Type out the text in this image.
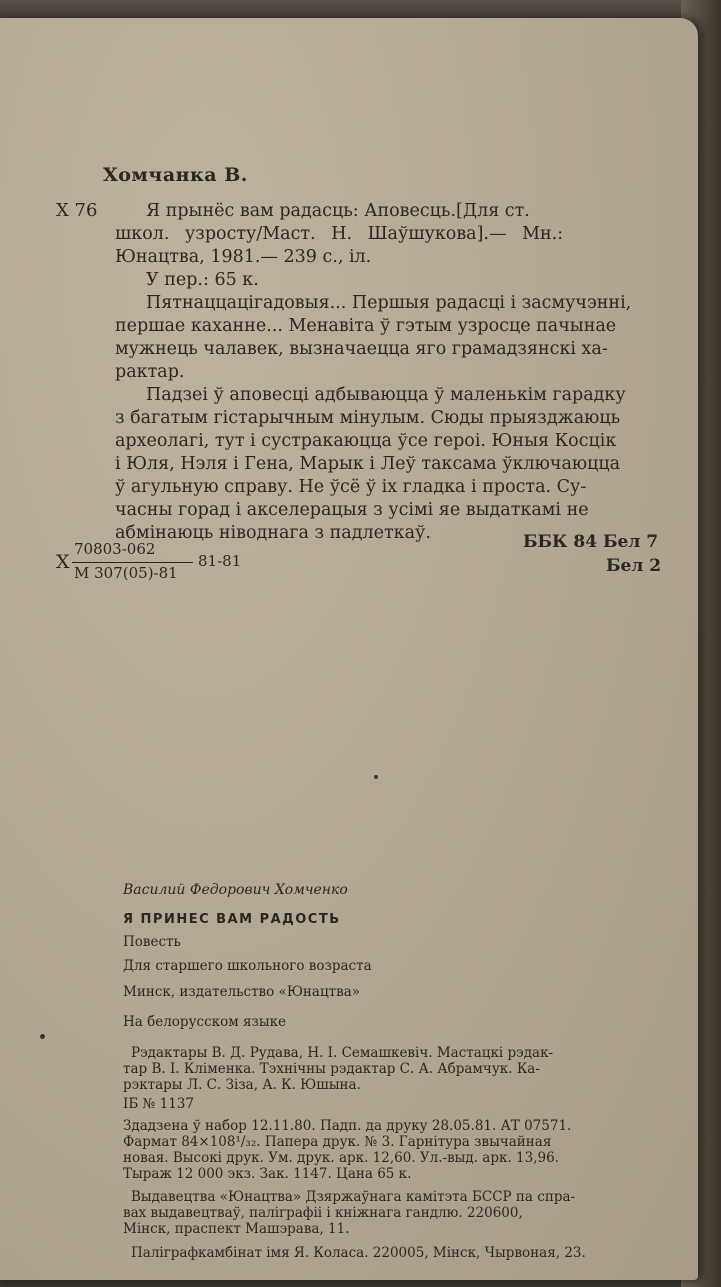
Хомчанка В.
Х 76	Я прынёс вам радасць: Аповесць.[Для ст.
школ. узросту/Маст. Н. Шаўшукова].— Мн.:
Юнацтва, 1981.— 239 с., іл.
У пер.: 65 к.
Пятнаццацігадовыя... Першыя радасці і засмучэнні,
першае каханне... Менавіта ў гэтым узросце пачынае
мужнець чалавек, вызначаецца яго грамадзянскі ха-
рактар.
Падзеі ў аповесці адбываюцца ў маленькім гарадку
з багатым гістарычным мінулым. Сюды прыязджаюць
археолагі, тут і сустракаюцца ўсе героі. Юныя Косцік
і Юля, Нэля і Гена, Марык і Леў таксама ўключаюцца
ў агульную справу. Не ўсё ў іх гладка і проста. Су-
часны горад і акселерацыя з усімі яе выдаткамі не
абмінаюць ніводнага з падлеткаў.
Х
70803-062
М 307(05)-81
81-81
ББК 84 Бел 7
Бел 2
Василий Федорович Хомченко
Я ПРИНЕС ВАМ РАДОСТЬ
Повесть
Для старшего школьного возраста
Минск, издательство «Юнацтва»
На белорусском языке
Рэдактары В. Д. Рудава, Н. І. Семашкевіч. Мастацкі рэдак-
тар В. І. Кліменка. Тэхнічны рэдактар С. А. Абрамчук. Ка-
рэктары Л. С. Зіза, А. К. Юшына.
ІБ № 1137
Здадзена ў набор 12.11.80. Падп. да друку 28.05.81. АТ 07571.
Фармат 84×108¹/₃₂. Папера друк. № 3. Гарнітура звычайная
новая. Высокі друк. Ум. друк. арк. 12,60. Ул.-выд. арк. 13,96.
Тыраж 12 000 экз. Зак. 1147. Цана 65 к.
Выдавецтва «Юнацтва» Дзяржаўнага камітэта БССР па спра-
вах выдавецтваў, паліграфіі і кніжнага гандлю. 220600,
Мінск, праспект Машэрава, 11.
Паліграфкамбінат імя Я. Коласа. 220005, Мінск, Чырвоная, 23.
